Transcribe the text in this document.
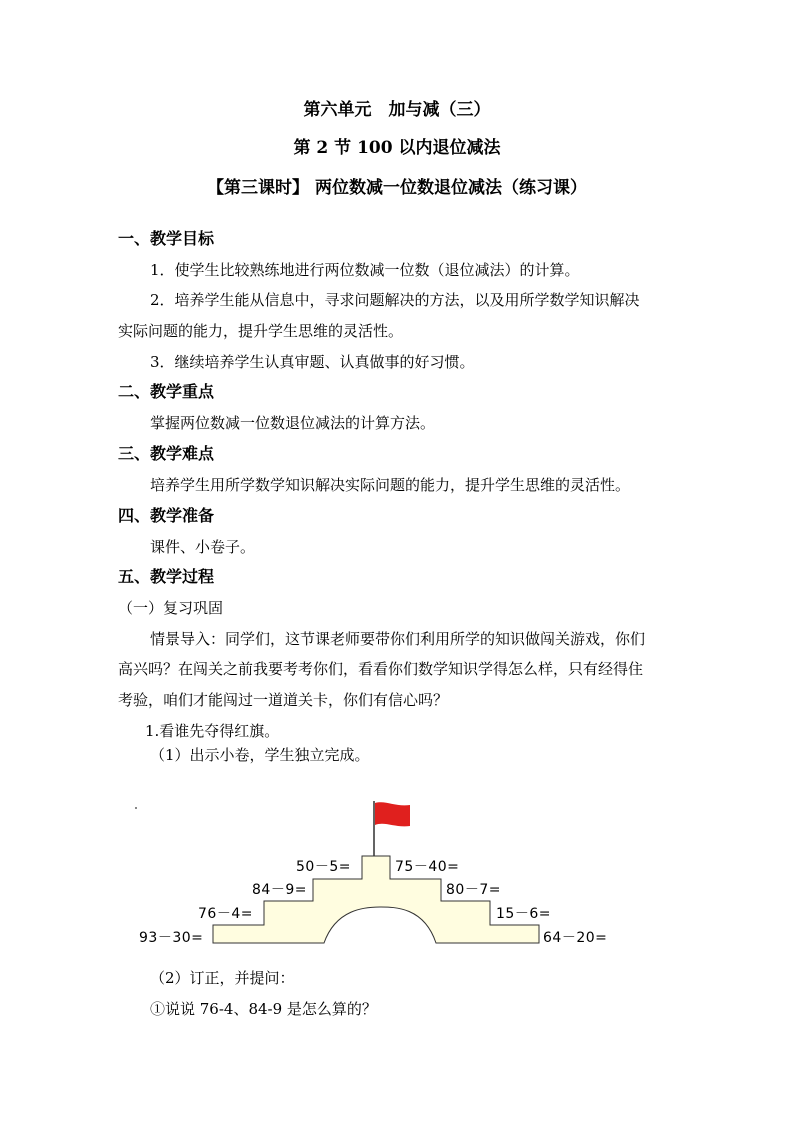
第六单元　加与减（三）
第 2 节 100 以内退位减法
【第三课时】 两位数减一位数退位减法（练习课）
一、教学目标
1．使学生比较熟练地进行两位数减一位数（退位减法）的计算。
2．培养学生能从信息中，寻求问题解决的方法，以及用所学数学知识解决
实际问题的能力，提升学生思维的灵活性。
3．继续培养学生认真审题、认真做事的好习惯。
二、教学重点
掌握两位数减一位数退位减法的计算方法。
三、教学难点
培养学生用所学数学知识解决实际问题的能力，提升学生思维的灵活性。
四、教学准备
课件、小卷子。
五、教学过程
（一）复习巩固
情景导入：同学们，这节课老师要带你们利用所学的知识做闯关游戏，你们
高兴吗？在闯关之前我要考考你们，看看你们数学知识学得怎么样，只有经得住
考验，咱们才能闯过一道道关卡，你们有信心吗？
1.看谁先夺得红旗。
（1）出示小卷，学生独立完成。
50－5=	75－40=
84－9=	80－7=
76－4=	15－6=
93－30=	64－20=
（2）订正，并提问：
①说说 76-4、84-9 是怎么算的？
